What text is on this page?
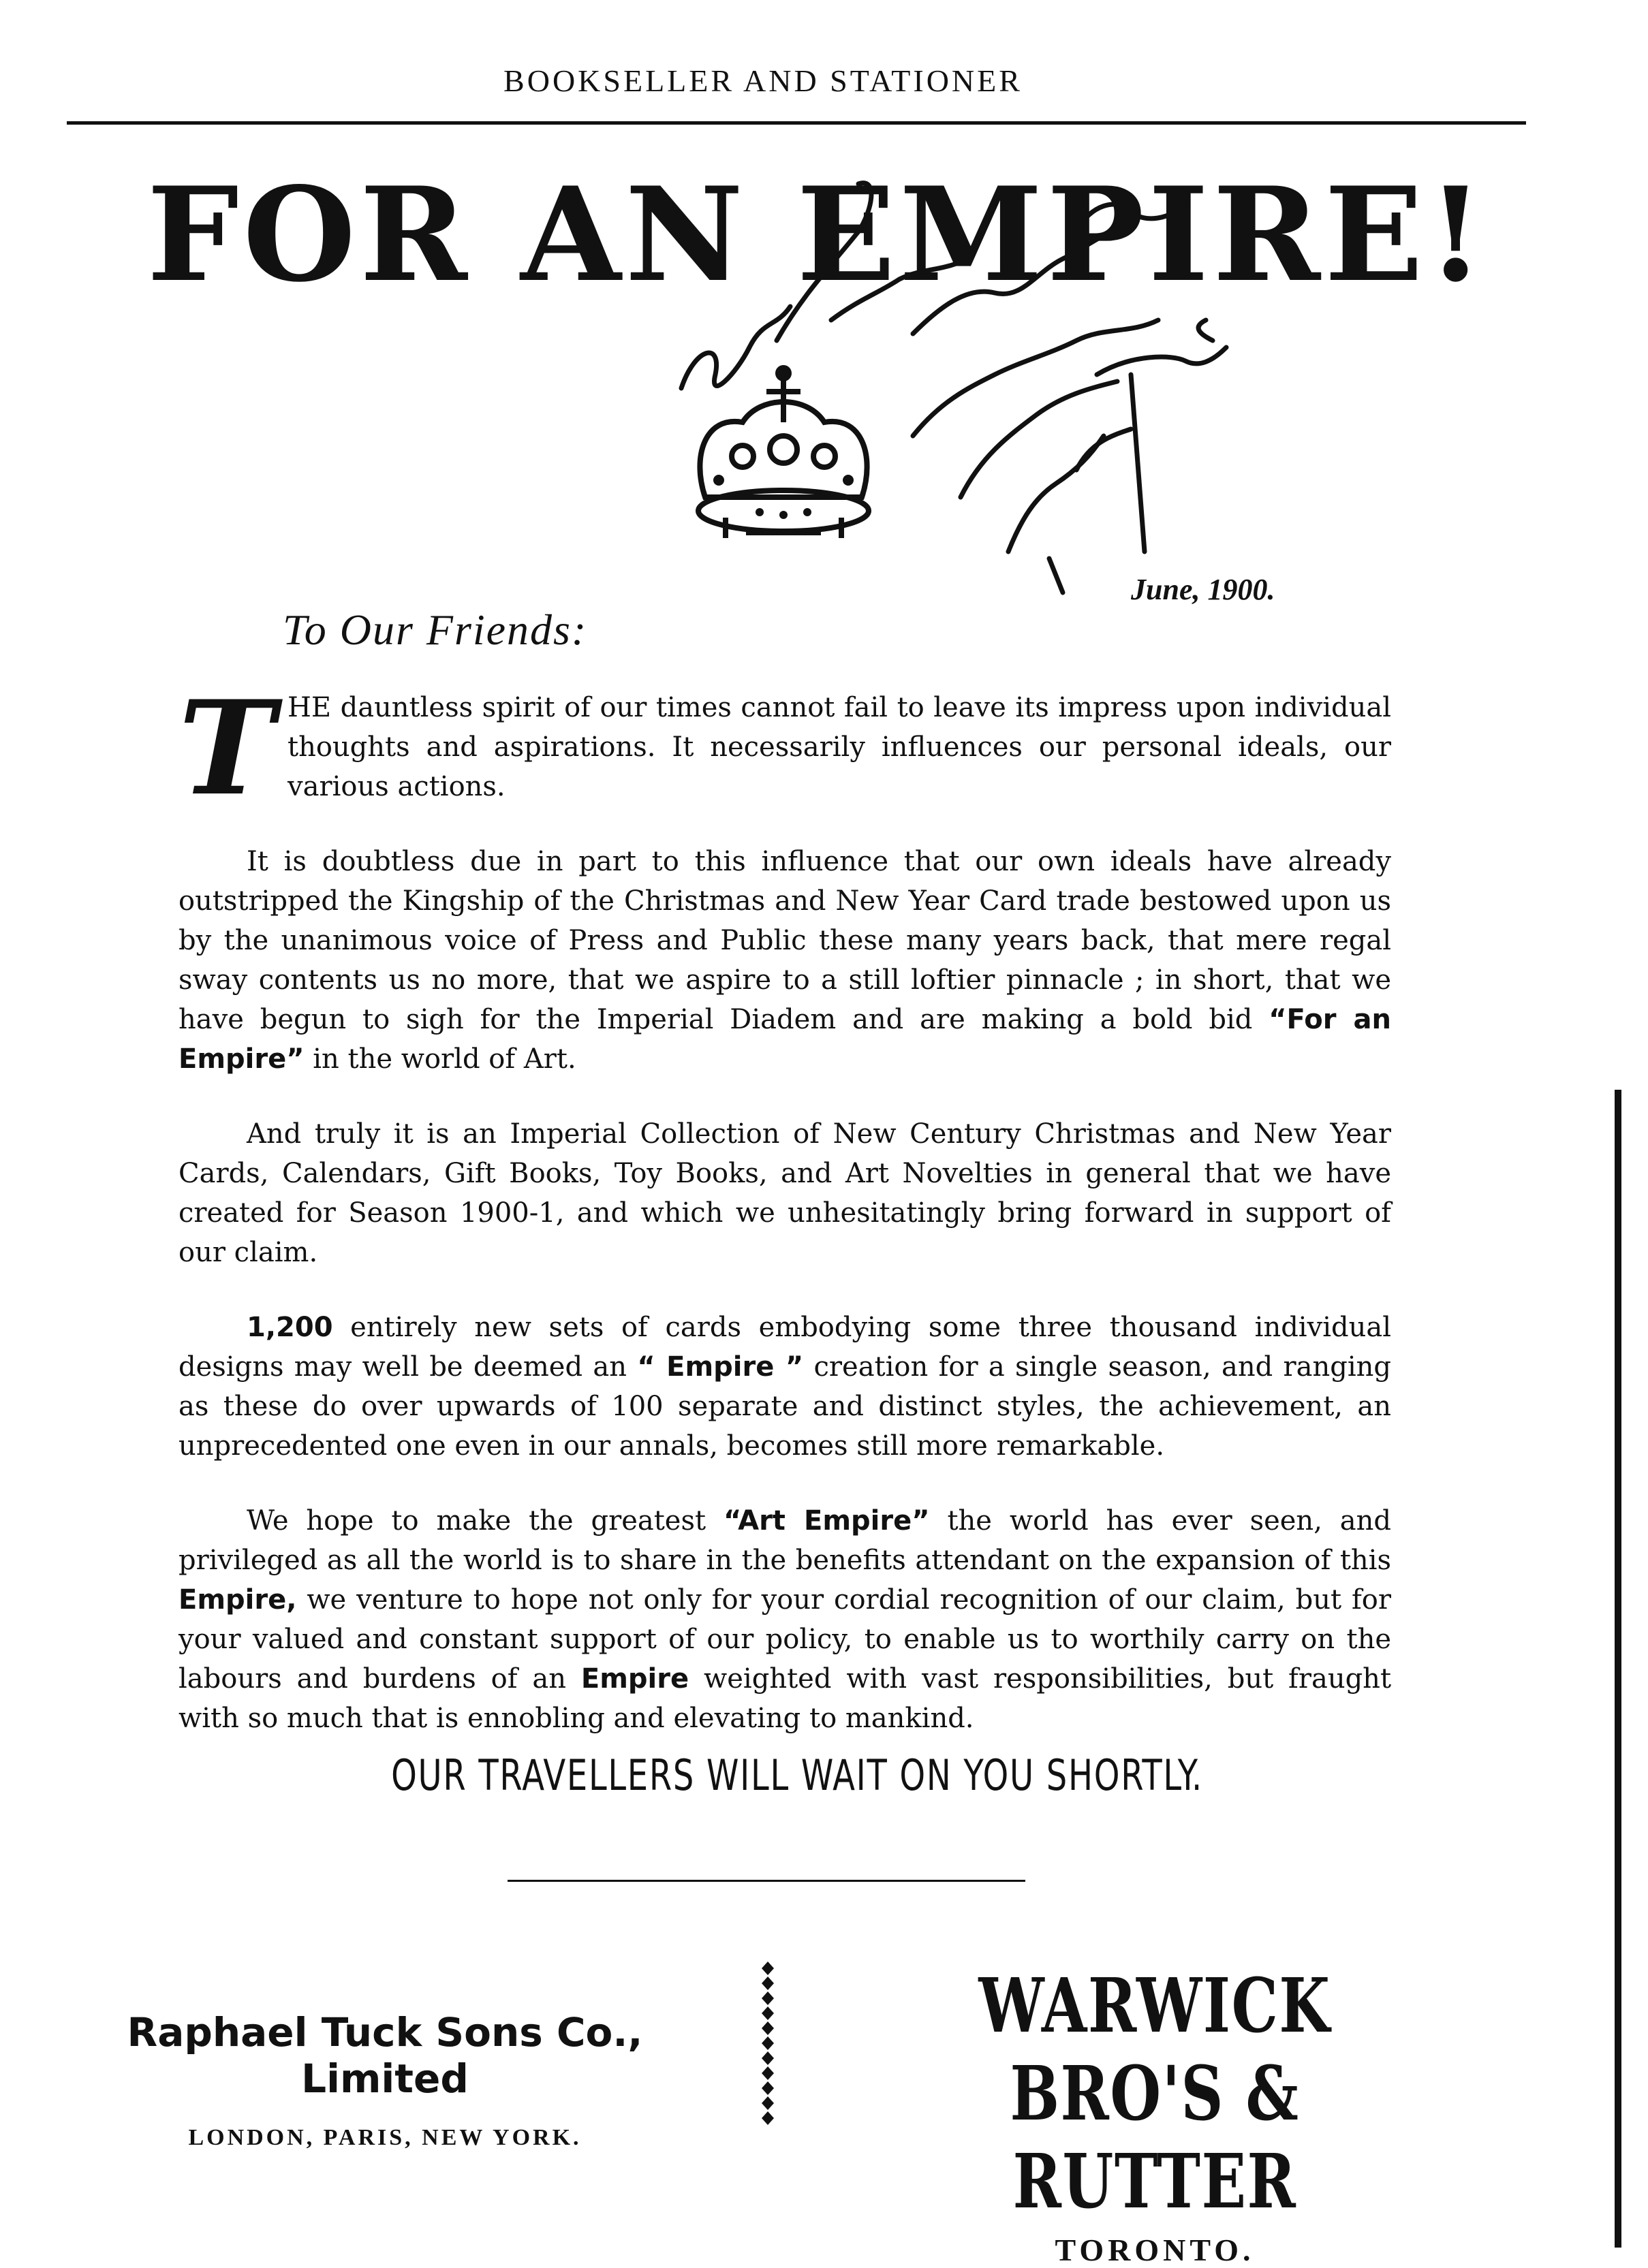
BOOKSELLER AND STATIONER
FOR AN EMPIRE!
June, 1900.
To Our Friends:

T HE dauntless spirit of our times cannot fail to leave its impress upon individual thoughts and aspirations. It necessarily influences our personal ideals, our various actions.

It is doubtless due in part to this influence that our own ideals have already outstripped the Kingship of the Christmas and New Year Card trade bestowed upon us by the unanimous voice of Press and Public these many years back, that mere regal sway contents us no more, that we aspire to a still loftier pinnacle ; in short, that we have begun to sigh for the Imperial Diadem and are making a bold bid “For an Empire” in the world of Art.

And truly it is an Imperial Collection of New Century Christmas and New Year Cards, Calendars, Gift Books, Toy Books, and Art Novelties in general that we have created for Season 1900-1, and which we unhesitatingly bring forward in support of our claim.

1,200 entirely new sets of cards embodying some three thousand individual designs may well be deemed an “ Empire ” creation for a single season, and ranging as these do over upwards of 100 separate and distinct styles, the achievement, an unprecedented one even in our annals, becomes still more remarkable.

We hope to make the greatest “Art Empire” the world has ever seen, and privileged as all the world is to share in the benefits attendant on the expansion of this Empire, we venture to hope not only for your cordial recognition of our claim, but for your valued and constant support of our policy, to enable us to worthily carry on the labours and burdens of an Empire weighted with vast responsibilities, but fraught with so much that is ennobling and elevating to mankind.

OUR TRAVELLERS WILL WAIT ON YOU SHORTLY.
Raphael Tuck Sons Co., Limited
LONDON, PARIS, NEW YORK.
WARWICK BRO'S & RUTTER
TORONTO.
